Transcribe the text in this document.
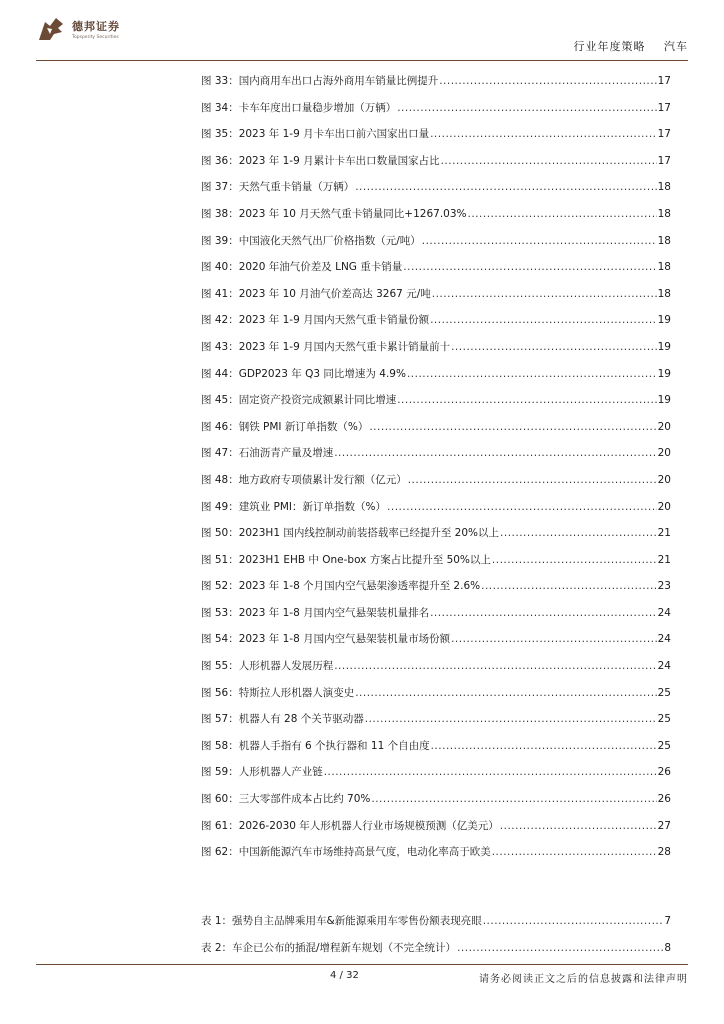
德邦证券
Topsperity Securities
行业年度策略 汽车
图 33：国内商用车出口占海外商用车销量比例提升 .....	17
图 34：卡车年度出口量稳步增加（万辆） .....	17
图 35：2023 年 1-9 月卡车出口前六国家出口量 .....	17
图 36：2023 年 1-9 月累计卡车出口数量国家占比 .....	17
图 37：天然气重卡销量（万辆） .....	18
图 38：2023 年 10 月天然气重卡销量同比+1267.03% .....	18
图 39：中国液化天然气出厂价格指数（元/吨） .....	18
图 40：2020 年油气价差及 LNG 重卡销量 .....	18
图 41：2023 年 10 月油气价差高达 3267 元/吨 .....	18
图 42：2023 年 1-9 月国内天然气重卡销量份额 .....	19
图 43：2023 年 1-9 月国内天然气重卡累计销量前十 .....	19
图 44：GDP2023 年 Q3 同比增速为 4.9% .....	19
图 45：固定资产投资完成额累计同比增速 .....	19
图 46：钢铁 PMI 新订单指数（%） .....	20
图 47：石油沥青产量及增速 .....	20
图 48：地方政府专项债累计发行额（亿元） .....	20
图 49：建筑业 PMI：新订单指数（%） .....	20
图 50：2023H1 国内线控制动前装搭载率已经提升至 20%以上 .....	21
图 51：2023H1 EHB 中 One-box 方案占比提升至 50%以上 .....	21
图 52：2023 年 1-8 个月国内空气悬架渗透率提升至 2.6% .....	23
图 53：2023 年 1-8 月国内空气悬架装机量排名 .....	24
图 54：2023 年 1-8 月国内空气悬架装机量市场份额 .....	24
图 55：人形机器人发展历程 .....	24
图 56：特斯拉人形机器人演变史 .....	25
图 57：机器人有 28 个关节驱动器 .....	25
图 58：机器人手指有 6 个执行器和 11 个自由度 .....	25
图 59：人形机器人产业链 .....	26
图 60：三大零部件成本占比约 70% .....	26
图 61：2026-2030 年人形机器人行业市场规模预测（亿美元） .....	27
图 62：中国新能源汽车市场维持高景气度，电动化率高于欧美 .....	28
表 1：强势自主品牌乘用车&新能源乘用车零售份额表现亮眼 .....	7
表 2：车企已公布的插混/增程新车规划（不完全统计） .....	8
4 / 32	请务必阅读正文之后的信息披露和法律声明
